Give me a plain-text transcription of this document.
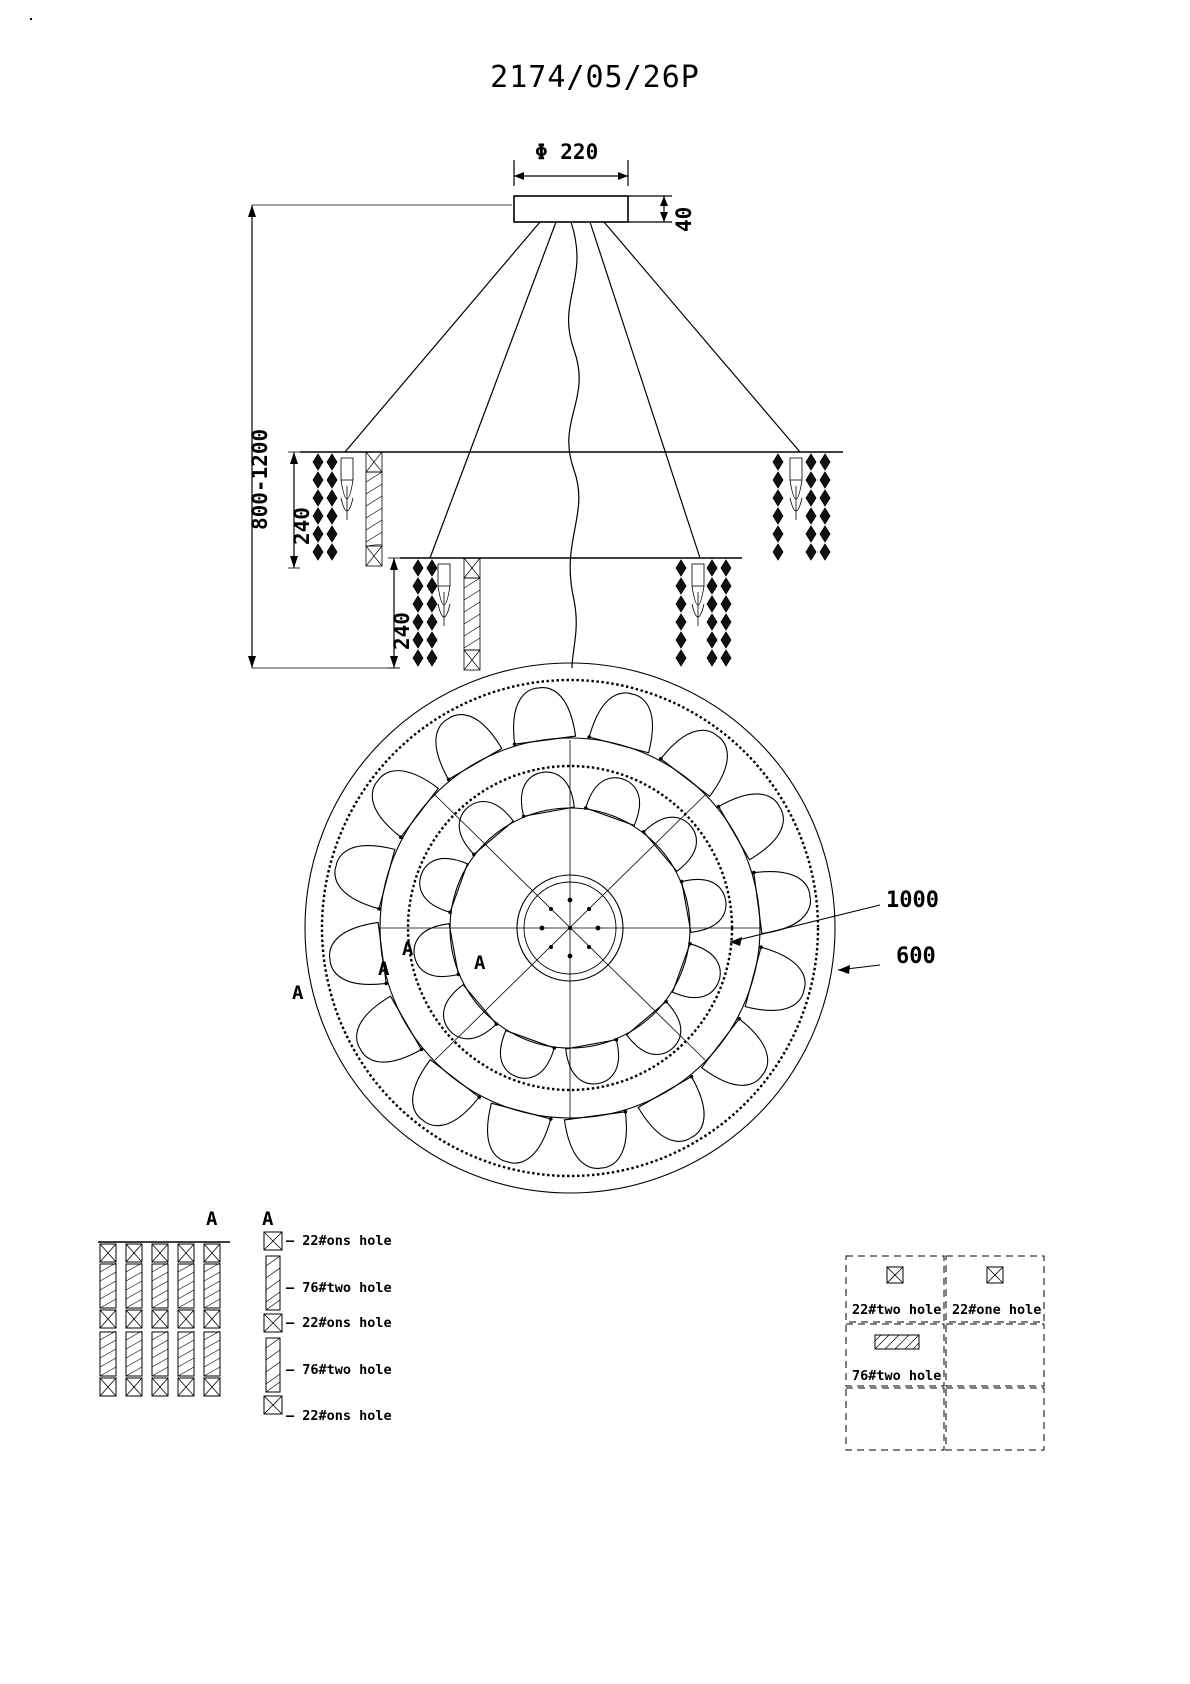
2174/05/26P
Φ 220
40
800-1200 240
240
1000
600
A
A
A
A
A A
— 22#ons hole
— 76#two hole
— 22#ons hole
— 76#two hole
— 22#ons hole
22#two hole 22#one hole
76#two hole
